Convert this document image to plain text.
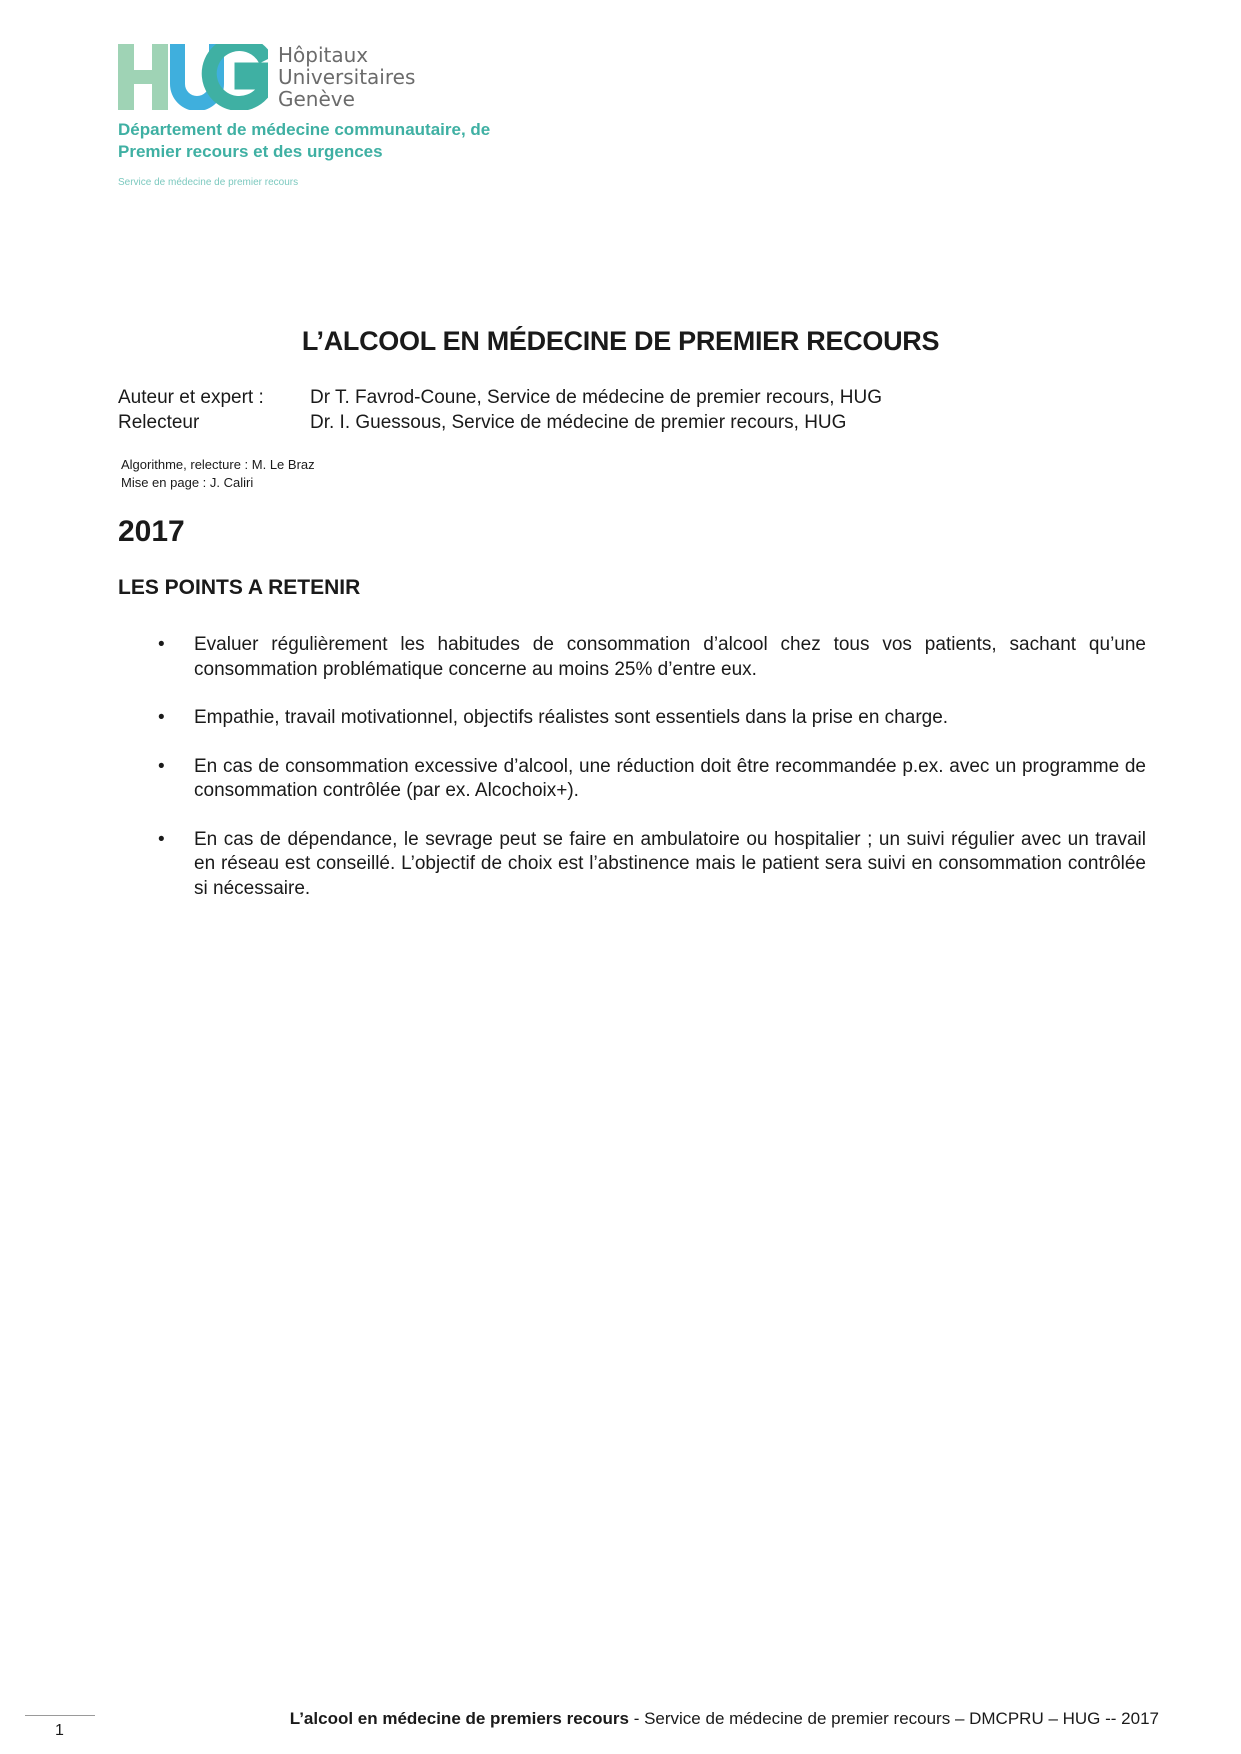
Hôpitaux
Universitaires
Genève
Département de médecine communautaire, de
Premier recours et des urgences
Service de médecine de premier recours
L’ALCOOL EN MÉDECINE DE PREMIER RECOURS
Auteur et expert :	Dr T. Favrod-Coune, Service de médecine de premier recours, HUG
Relecteur	Dr. I. Guessous, Service de médecine de premier recours, HUG
Algorithme, relecture : M. Le Braz
Mise en page : J. Caliri
2017
LES POINTS A RETENIR
• Evaluer régulièrement les habitudes de consommation d’alcool chez tous vos patients, sachant qu’une consommation problématique concerne au moins 25% d’entre eux.
• Empathie, travail motivationnel, objectifs réalistes sont essentiels dans la prise en charge.
• En cas de consommation excessive d’alcool, une réduction doit être recommandée p.ex. avec un programme de consommation contrôlée (par ex. Alcochoix+).
• En cas de dépendance, le sevrage peut se faire en ambulatoire ou hospitalier ; un suivi régulier avec un travail en réseau est conseillé. L’objectif de choix est l’abstinence mais le patient sera suivi en consommation contrôlée si nécessaire.
1
L’alcool en médecine de premiers recours - Service de médecine de premier recours – DMCPRU – HUG -- 2017
